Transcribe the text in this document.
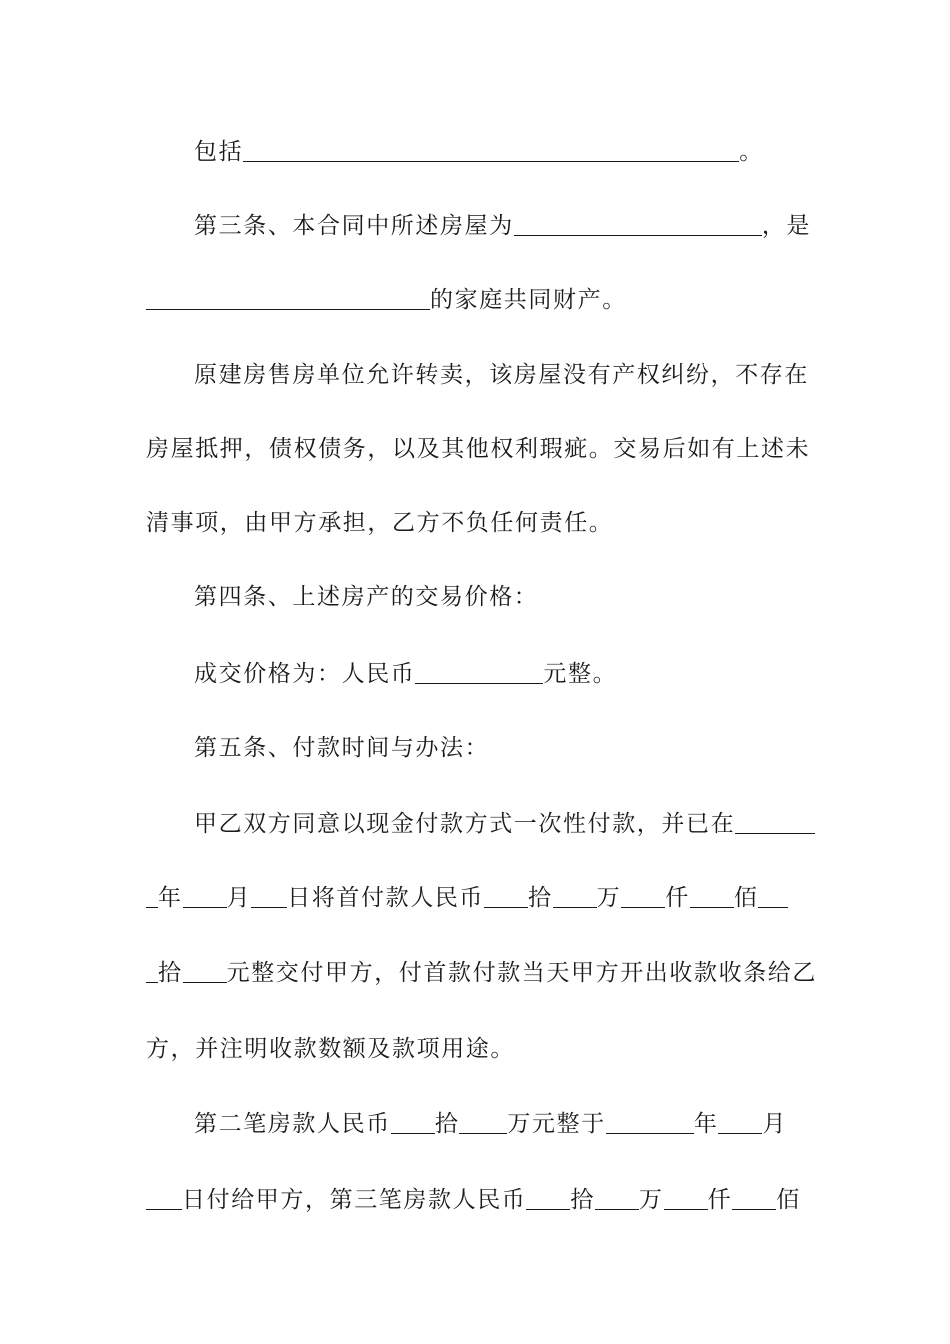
包括	。
第三条、本合同中所述房屋为	，是
的家庭共同财产。
原建房售房单位允许转卖，该房屋没有产权纠纷，不存在
房屋抵押，债权债务，以及其他权利瑕疵。交易后如有上述未
清事项，由甲方承担，乙方不负任何责任。
第四条、上述房产的交易价格：
成交价格为：人民币	元整。
第五条、付款时间与办法：
甲乙双方同意以现金付款方式一次性付款，并已在
年 月 日将首付款人民币 拾 万 仟 佰
拾 元整交付甲方，付首款付款当天甲方开出收款收条给乙
方，并注明收款数额及款项用途。
第二笔房款人民币 拾 万元整于	年 月
日付给甲方，第三笔房款人民币 拾 万 仟 佰
